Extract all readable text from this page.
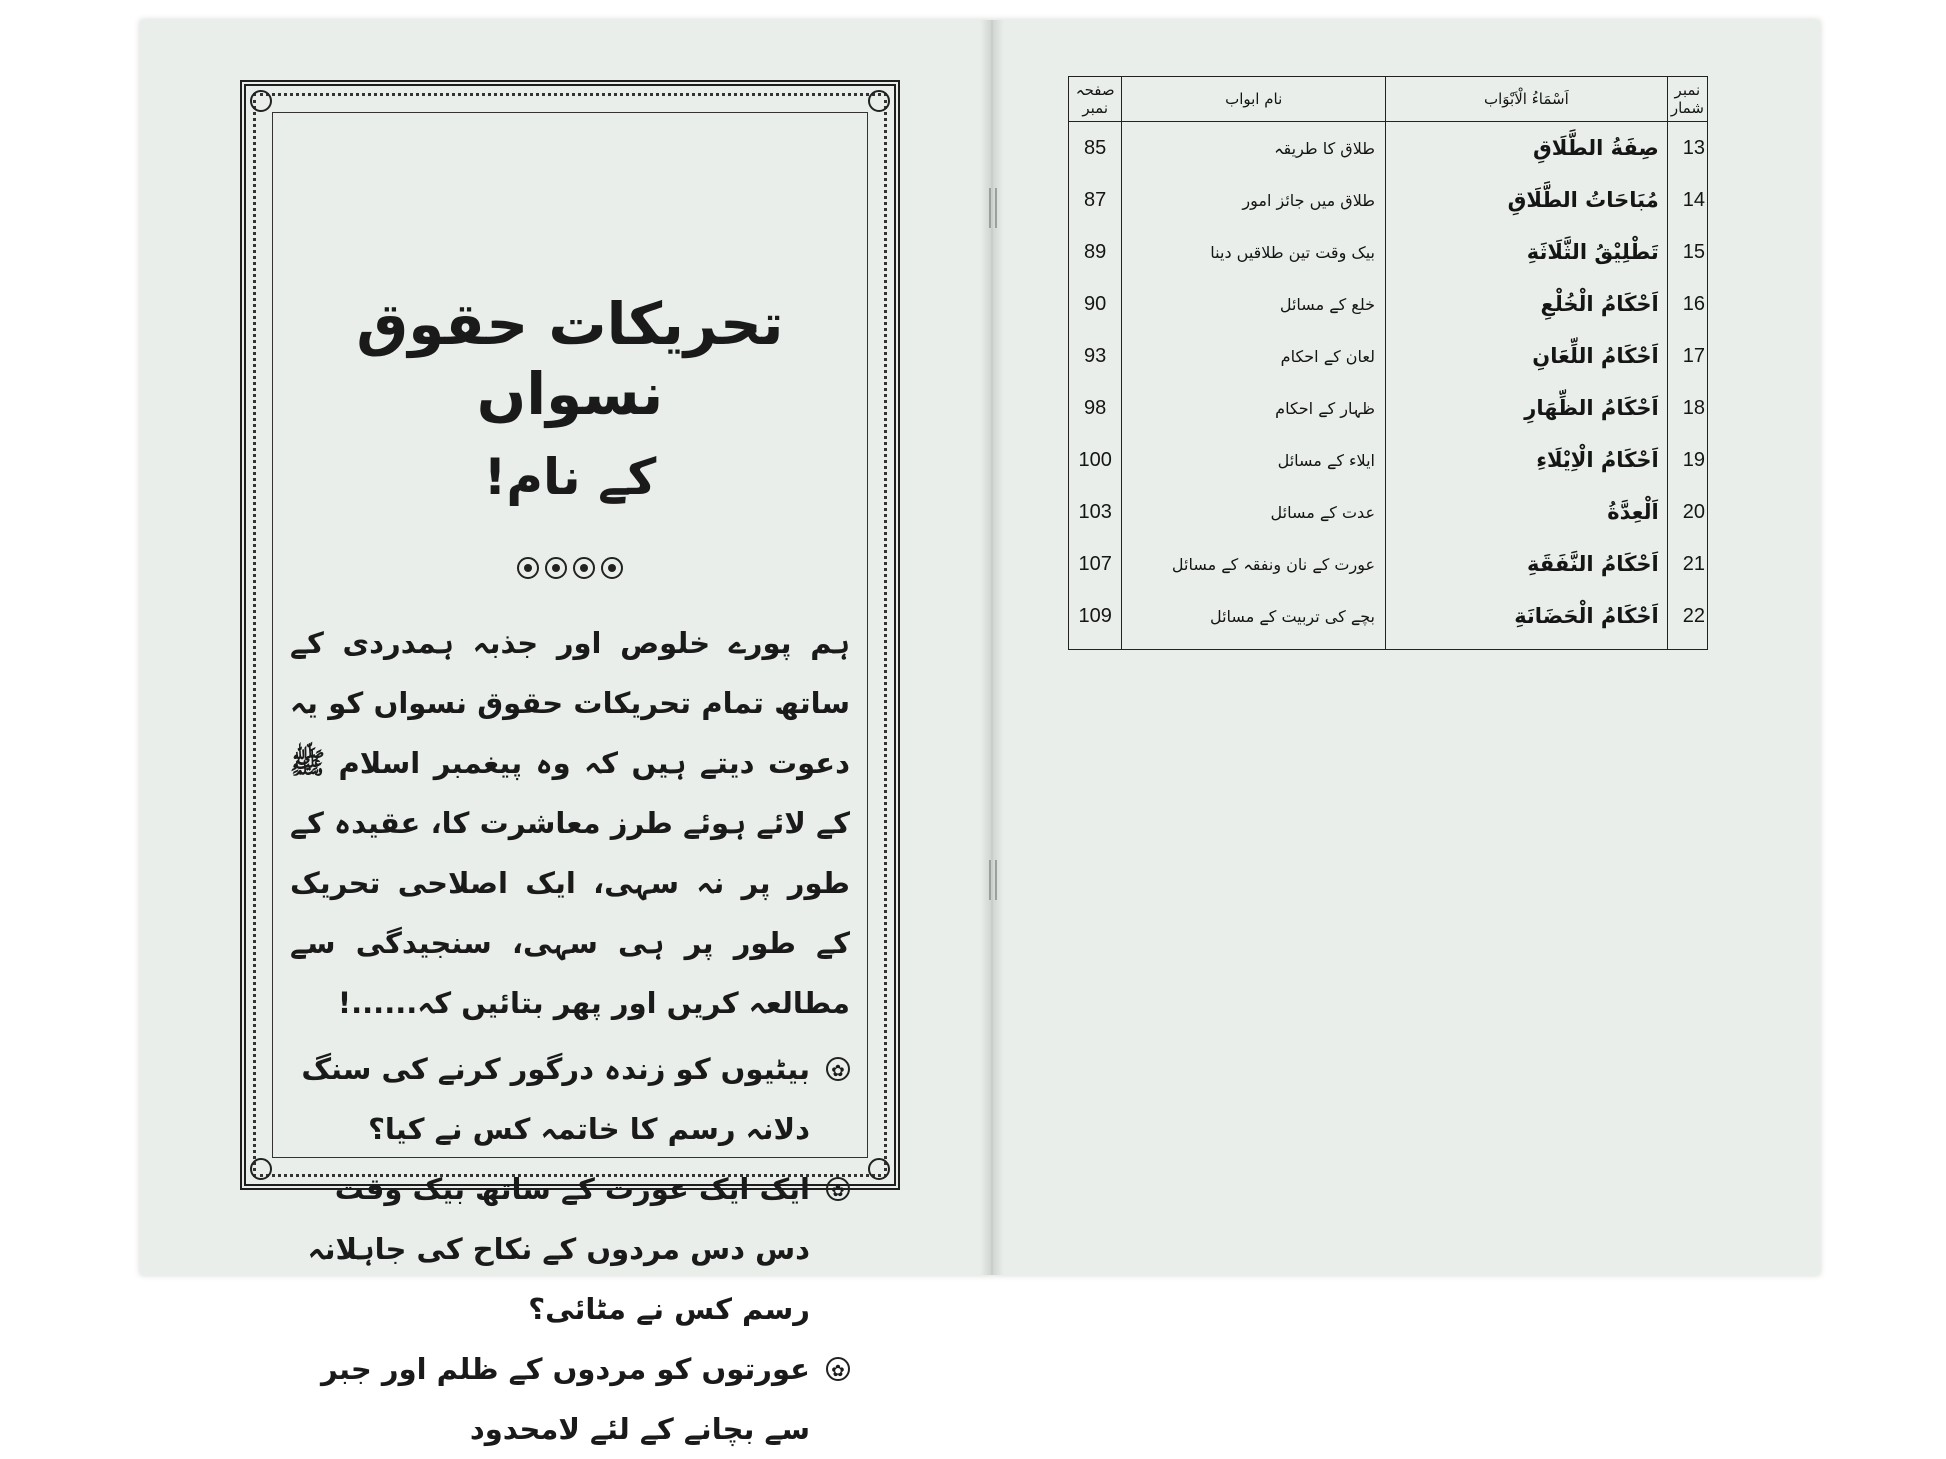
تحریکات حقوق نسواں
کے نام!
ہم پورے خلوص اور جذبہ ہمدردی کے ساتھ تمام تحریکات حقوق نسواں کو یہ دعوت دیتے ہیں کہ وہ پیغمبر اسلام ﷺ کے لائے ہوئے طرز معاشرت کا، عقیدہ کے طور پر نہ سہی، ایک اصلاحی تحریک کے طور پر ہی سہی، سنجیدگی سے مطالعہ کریں اور پھر بتائیں کہ......!
✿
بیٹیوں کو زندہ درگور کرنے کی سنگ دلانہ رسم کا خاتمہ کس نے کیا؟
✿
ایک ایک عورت کے ساتھ بیک وقت دس دس مردوں کے نکاح کی جاہلانہ رسم کس نے مٹائی؟
✿
عورتوں کو مردوں کے ظلم اور جبر سے بچانے کے لئے لامحدود
نمبر شمار	اَسْمَاءُ الْاَبْوَاب	نام ابواب	صفحہ نمبر
13	صِفَةُ الطَّلَاقِ	طلاق کا طریقہ	85
14	مُبَاحَاتُ الطَّلَاقِ	طلاق میں جائز امور	87
15	تَطْلِيْقُ الثَّلَاثَةِ	بیک وقت تین طلاقیں دینا	89
16	اَحْكَامُ الْخُلْعِ	خلع کے مسائل	90
17	اَحْكَامُ اللِّعَانِ	لعان کے احکام	93
18	اَحْكَامُ الظِّهَارِ	ظہار کے احکام	98
19	اَحْكَامُ الْاِيْلَاءِ	ایلاء کے مسائل	100
20	اَلْعِدَّةُ	عدت کے مسائل	103
21	اَحْكَامُ النَّفَقَةِ	عورت کے نان ونفقہ کے مسائل	107
22	اَحْكَامُ الْحَضَانَةِ	بچے کی تربیت کے مسائل	109
